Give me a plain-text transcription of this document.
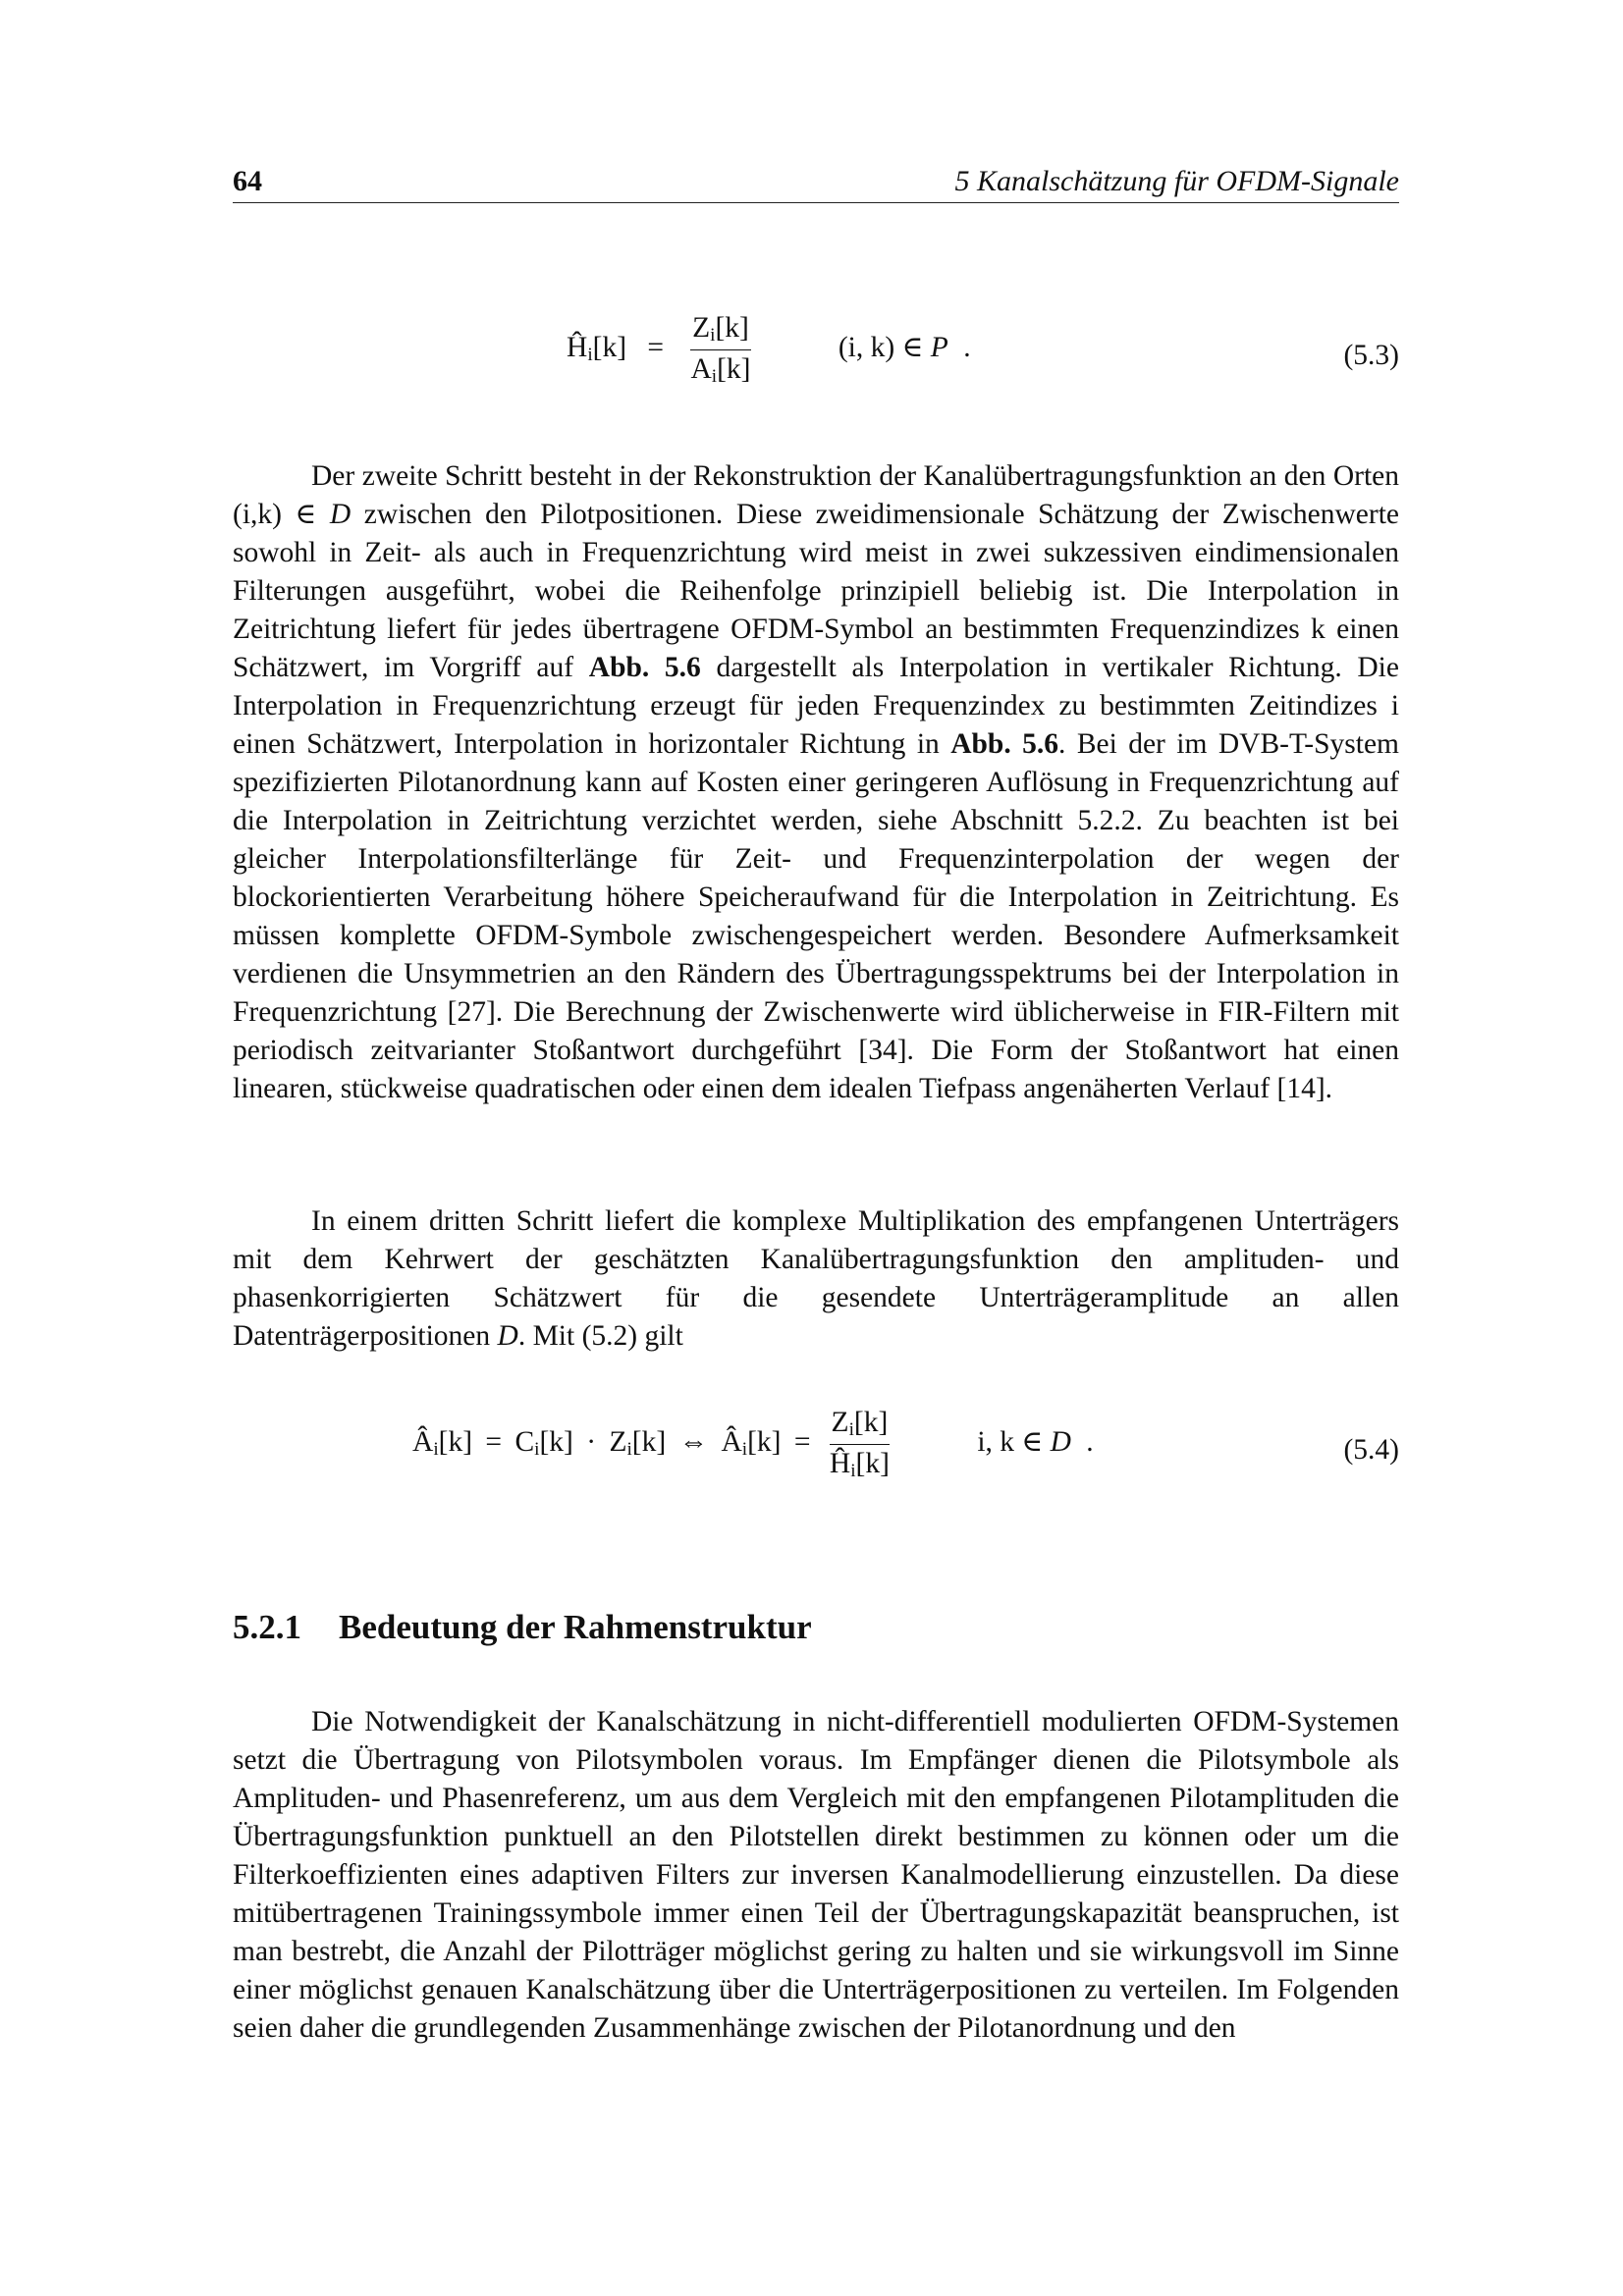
64	5 Kanalschätzung für OFDM-Signale
$Ĥ_i[k] = \frac{Z_i[k]}{A_i[k]}$	(i, k) ∈ P .	(5.3)

Der zweite Schritt besteht in der Rekonstruktion der Kanalübertragungsfunktion an den Orten (i,k) ∈ D zwischen den Pilotpositionen. Diese zweidimensionale Schätzung der Zwischenwerte sowohl in Zeit- als auch in Frequenzrichtung wird meist in zwei sukzessiven eindimensionalen Filterungen ausgeführt, wobei die Reihenfolge prinzipiell beliebig ist. Die Interpolation in Zeitrichtung liefert für jedes übertragene OFDM-Symbol an bestimmten Frequenzindizes k einen Schätzwert, im Vorgriff auf Abb. 5.6 dargestellt als Interpolation in vertikaler Richtung. Die Interpolation in Frequenzrichtung erzeugt für jeden Frequenzindex zu bestimmten Zeitindizes i einen Schätzwert, Interpolation in horizontaler Richtung in Abb. 5.6. Bei der im DVB-T-System spezifizierten Pilotanordnung kann auf Kosten einer geringeren Auflösung in Frequenzrichtung auf die Interpolation in Zeitrichtung verzichtet werden, siehe Abschnitt 5.2.2. Zu beachten ist bei gleicher Interpolationsfilterlänge für Zeit- und Frequenzinterpolation der wegen der blockorientierten Verarbeitung höhere Speicheraufwand für die Interpolation in Zeitrichtung. Es müssen komplette OFDM-Symbole zwischengespeichert werden. Besondere Aufmerksamkeit verdienen die Unsymmetrien an den Rändern des Übertragungsspektrums bei der Interpolation in Frequenzrichtung [27]. Die Berechnung der Zwischenwerte wird üblicherweise in FIR-Filtern mit periodisch zeitvarianter Stoßantwort durchgeführt [34]. Die Form der Stoßantwort hat einen linearen, stückweise quadratischen oder einen dem idealen Tiefpass angenäherten Verlauf [14].

In einem dritten Schritt liefert die komplexe Multiplikation des empfangenen Unterträgers mit dem Kehrwert der geschätzten Kanalübertragungsfunktion den amplituden- und phasenkorrigierten Schätzwert für die gesendete Unterträgeramplitude an allen Datenträgerpositionen D. Mit (5.2) gilt

$Â_i[k] = C_i[k] \cdot Z_i[k]$ ⇔ $Â_i[k] = \frac{Z_i[k]}{Ĥ_i[k]}$	i, k ∈ D .	(5.4)
5.2.1 Bedeutung der Rahmenstruktur

Die Notwendigkeit der Kanalschätzung in nicht-differentiell modulierten OFDM-Systemen setzt die Übertragung von Pilotsymbolen voraus. Im Empfänger dienen die Pilotsymbole als Amplituden- und Phasenreferenz, um aus dem Vergleich mit den empfangenen Pilotamplituden die Übertragungsfunktion punktuell an den Pilotstellen direkt bestimmen zu können oder um die Filterkoeffizienten eines adaptiven Filters zur inversen Kanalmodellierung einzustellen. Da diese mitübertragenen Trainingssymbole immer einen Teil der Übertragungskapazität beanspruchen, ist man bestrebt, die Anzahl der Pilotträger möglichst gering zu halten und sie wirkungsvoll im Sinne einer möglichst genauen Kanalschätzung über die Unterträgerpositionen zu verteilen. Im Folgenden seien daher die grundlegenden Zusammenhänge zwischen der Pilotanordnung und den
